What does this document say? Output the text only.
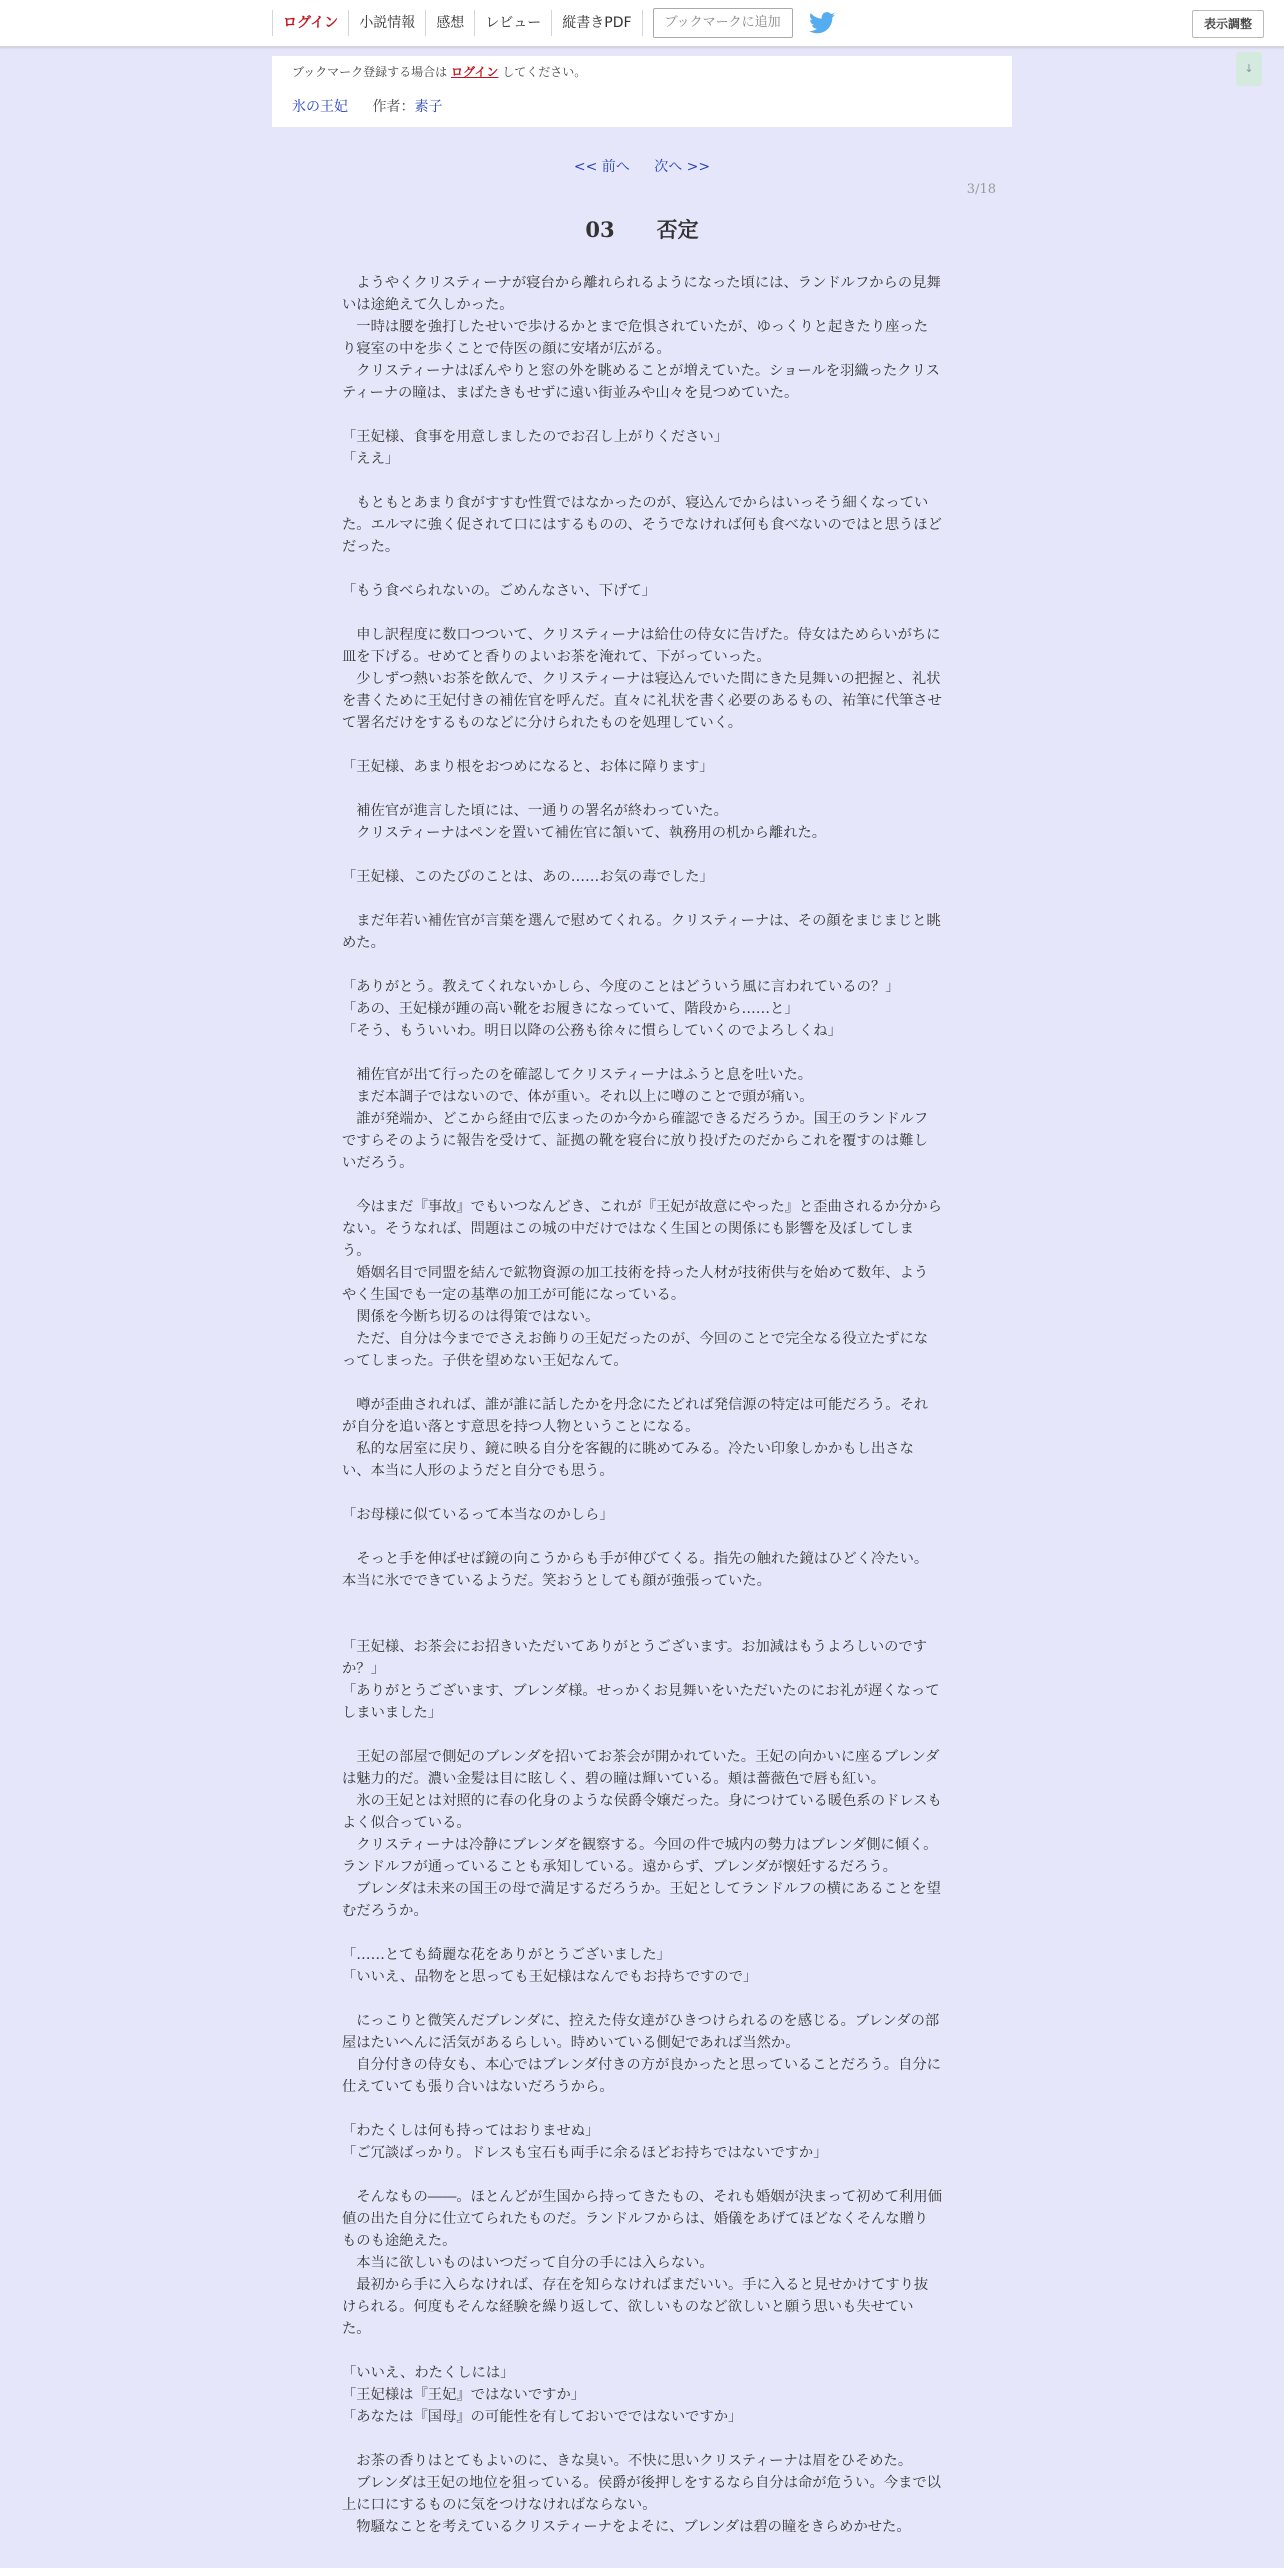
ログイン	小説情報	感想	レビュー	縦書きPDF	ブックマークに追加	表示調整
↓
ブックマーク登録する場合は ログイン してください。
氷の王妃 作者：素子
<< 前へ 次へ >>
3/18
03　　否定

　ようやくクリスティーナが寝台から離れられるようになった頃には、ランドルフからの見舞いは途絶えて久しかった。

　一時は腰を強打したせいで歩けるかとまで危惧されていたが、ゆっくりと起きたり座ったり寝室の中を歩くことで侍医の顔に安堵が広がる。

　クリスティーナはぼんやりと窓の外を眺めることが増えていた。ショールを羽織ったクリスティーナの瞳は、まばたきもせずに遠い街並みや山々を見つめていた。

「王妃様、食事を用意しましたのでお召し上がりください」

「ええ」

　もともとあまり食がすすむ性質ではなかったのが、寝込んでからはいっそう細くなっていた。エルマに強く促されて口にはするものの、そうでなければ何も食べないのではと思うほどだった。

「もう食べられないの。ごめんなさい、下げて」

　申し訳程度に数口つついて、クリスティーナは給仕の侍女に告げた。侍女はためらいがちに皿を下げる。せめてと香りのよいお茶を淹れて、下がっていった。

　少しずつ熱いお茶を飲んで、クリスティーナは寝込んでいた間にきた見舞いの把握と、礼状を書くために王妃付きの補佐官を呼んだ。直々に礼状を書く必要のあるもの、祐筆に代筆させて署名だけをするものなどに分けられたものを処理していく。

「王妃様、あまり根をおつめになると、お体に障ります」

　補佐官が進言した頃には、一通りの署名が終わっていた。

　クリスティーナはペンを置いて補佐官に頷いて、執務用の机から離れた。

「王妃様、このたびのことは、あの……お気の毒でした」

　まだ年若い補佐官が言葉を選んで慰めてくれる。クリスティーナは、その顔をまじまじと眺めた。

「ありがとう。教えてくれないかしら、今度のことはどういう風に言われているの？」

「あの、王妃様が踵の高い靴をお履きになっていて、階段から……と」

「そう、もういいわ。明日以降の公務も徐々に慣らしていくのでよろしくね」

　補佐官が出て行ったのを確認してクリスティーナはふうと息を吐いた。

　まだ本調子ではないので、体が重い。それ以上に噂のことで頭が痛い。

　誰が発端か、どこから経由で広まったのか今から確認できるだろうか。国王のランドルフですらそのように報告を受けて、証拠の靴を寝台に放り投げたのだからこれを覆すのは難しいだろう。

　今はまだ『事故』でもいつなんどき、これが『王妃が故意にやった』と歪曲されるか分からない。そうなれば、問題はこの城の中だけではなく生国との関係にも影響を及ぼしてしまう。

　婚姻名目で同盟を結んで鉱物資源の加工技術を持った人材が技術供与を始めて数年、ようやく生国でも一定の基準の加工が可能になっている。

　関係を今断ち切るのは得策ではない。

　ただ、自分は今まででさえお飾りの王妃だったのが、今回のことで完全なる役立たずになってしまった。子供を望めない王妃なんて。

　噂が歪曲されれば、誰が誰に話したかを丹念にたどれば発信源の特定は可能だろう。それが自分を追い落とす意思を持つ人物ということになる。

　私的な居室に戻り、鏡に映る自分を客観的に眺めてみる。冷たい印象しかかもし出さない、本当に人形のようだと自分でも思う。

「お母様に似ているって本当なのかしら」

　そっと手を伸ばせば鏡の向こうからも手が伸びてくる。指先の触れた鏡はひどく冷たい。本当に氷でできているようだ。笑おうとしても顔が強張っていた。

「王妃様、お茶会にお招きいただいてありがとうございます。お加減はもうよろしいのですか？」

「ありがとうございます、ブレンダ様。せっかくお見舞いをいただいたのにお礼が遅くなってしまいました」

　王妃の部屋で側妃のブレンダを招いてお茶会が開かれていた。王妃の向かいに座るブレンダは魅力的だ。濃い金髪は目に眩しく、碧の瞳は輝いている。頬は薔薇色で唇も紅い。

　氷の王妃とは対照的に春の化身のような侯爵令嬢だった。身につけている暖色系のドレスもよく似合っている。

　クリスティーナは冷静にブレンダを観察する。今回の件で城内の勢力はブレンダ側に傾く。ランドルフが通っていることも承知している。遠からず、ブレンダが懐妊するだろう。

　ブレンダは未来の国王の母で満足するだろうか。王妃としてランドルフの横にあることを望むだろうか。

「……とても綺麗な花をありがとうございました」

「いいえ、品物をと思っても王妃様はなんでもお持ちですので」

　にっこりと微笑んだブレンダに、控えた侍女達がひきつけられるのを感じる。ブレンダの部屋はたいへんに活気があるらしい。時めいている側妃であれば当然か。

　自分付きの侍女も、本心ではブレンダ付きの方が良かったと思っていることだろう。自分に仕えていても張り合いはないだろうから。

「わたくしは何も持ってはおりませぬ」

「ご冗談ばっかり。ドレスも宝石も両手に余るほどお持ちではないですか」

　そんなもの――。ほとんどが生国から持ってきたもの、それも婚姻が決まって初めて利用価値の出た自分に仕立てられたものだ。ランドルフからは、婚儀をあげてほどなくそんな贈りものも途絶えた。

　本当に欲しいものはいつだって自分の手には入らない。

　最初から手に入らなければ、存在を知らなければまだいい。手に入ると見せかけてすり抜けられる。何度もそんな経験を繰り返して、欲しいものなど欲しいと願う思いも失せていた。

「いいえ、わたくしには」

「王妃様は『王妃』ではないですか」

「あなたは『国母』の可能性を有しておいでではないですか」

　お茶の香りはとてもよいのに、きな臭い。不快に思いクリスティーナは眉をひそめた。

　ブレンダは王妃の地位を狙っている。侯爵が後押しをするなら自分は命が危うい。今まで以上に口にするものに気をつけなければならない。

　物騒なことを考えているクリスティーナをよそに、ブレンダは碧の瞳をきらめかせた。
